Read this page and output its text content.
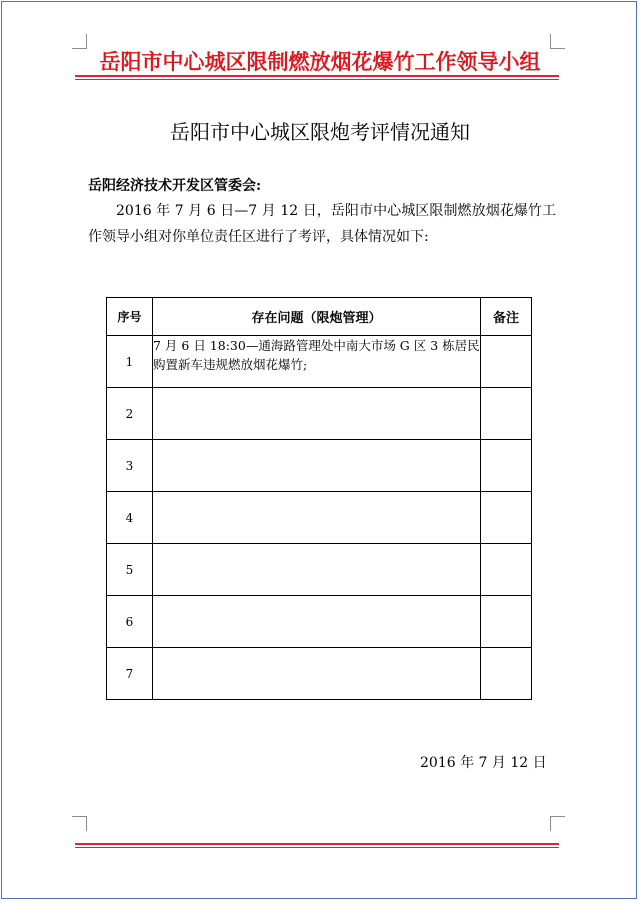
岳阳市中心城区限制燃放烟花爆竹工作领导小组
岳阳市中心城区限炮考评情况通知
岳阳经济技术开发区管委会:
2016 年 7 月 6 日—7 月 12 日，岳阳市中心城区限制燃放烟花爆竹工作领导小组对你单位责任区进行了考评，具体情况如下:
序号	存在问题（限炮管理）	备注
1	7 月 6 日 18:30—通海路管理处中南大市场 G 区 3 栋居民购置新车违规燃放烟花爆竹;	
2		
3		
4		
5		
6		
7		
2016 年 7 月 12 日
